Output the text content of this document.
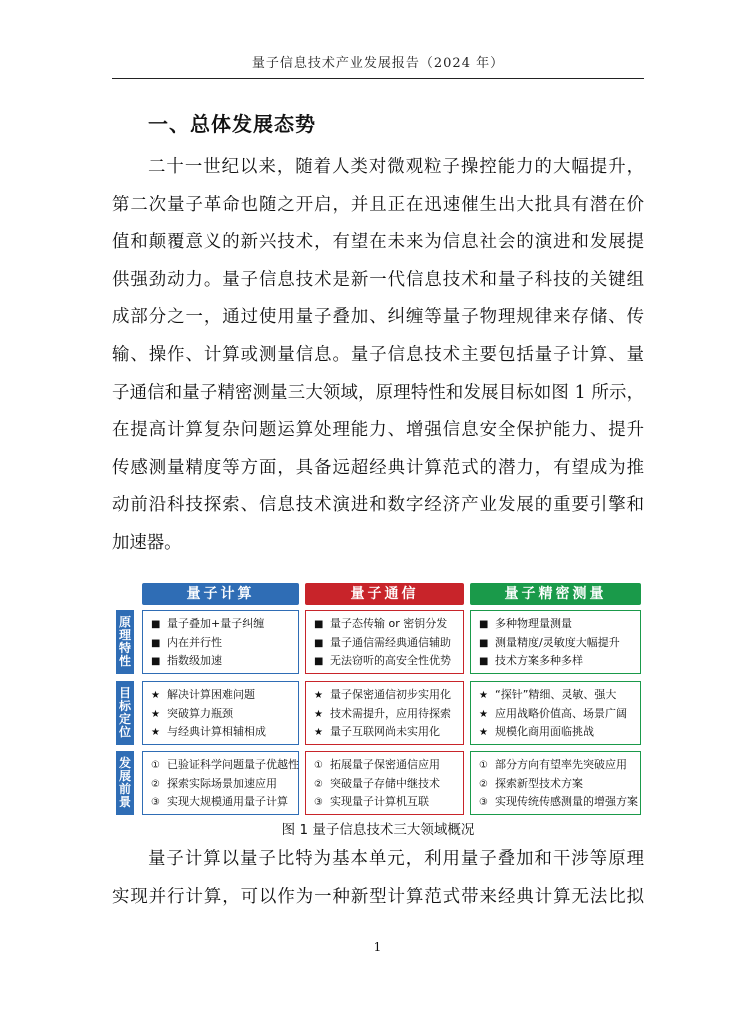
量子信息技术产业发展报告（2024 年）
一、总体发展态势
二十一世纪以来，随着人类对微观粒子操控能力的大幅提升，
第二次量子革命也随之开启，并且正在迅速催生出大批具有潜在价
值和颠覆意义的新兴技术，有望在未来为信息社会的演进和发展提
供强劲动力。量子信息技术是新一代信息技术和量子科技的关键组
成部分之一，通过使用量子叠加、纠缠等量子物理规律来存储、传
输、操作、计算或测量信息。量子信息技术主要包括量子计算、量
子通信和量子精密测量三大领域，原理特性和发展目标如图 1 所示，
在提高计算复杂问题运算处理能力、增强信息安全保护能力、提升
传感测量精度等方面，具备远超经典计算范式的潜力，有望成为推
动前沿科技探索、信息技术演进和数字经济产业发展的重要引擎和
加速器。
量子计算	量子通信	量子精密测量
原理特性
目标定位
发展前景
■ 量子叠加+量子纠缠
■ 内在并行性
■ 指数级加速
■ 量子态传输 or 密钥分发
■ 量子通信需经典通信辅助
■ 无法窃听的高安全性优势
■ 多种物理量测量
■ 测量精度/灵敏度大幅提升
■ 技术方案多种多样
★ 解决计算困难问题
★ 突破算力瓶颈
★ 与经典计算相辅相成
★ 量子保密通信初步实用化
★ 技术需提升，应用待探索
★ 量子互联网尚未实用化
★ “探针”精细、灵敏、强大
★ 应用战略价值高、场景广阔
★ 规模化商用面临挑战
① 已验证科学问题量子优越性
② 探索实际场景加速应用
③ 实现大规模通用量子计算
① 拓展量子保密通信应用
② 突破量子存储中继技术
③ 实现量子计算机互联
① 部分方向有望率先突破应用
② 探索新型技术方案
③ 实现传统传感测量的增强方案
图 1 量子信息技术三大领域概况
量子计算以量子比特为基本单元，利用量子叠加和干涉等原理
实现并行计算，可以作为一种新型计算范式带来经典计算无法比拟
1
